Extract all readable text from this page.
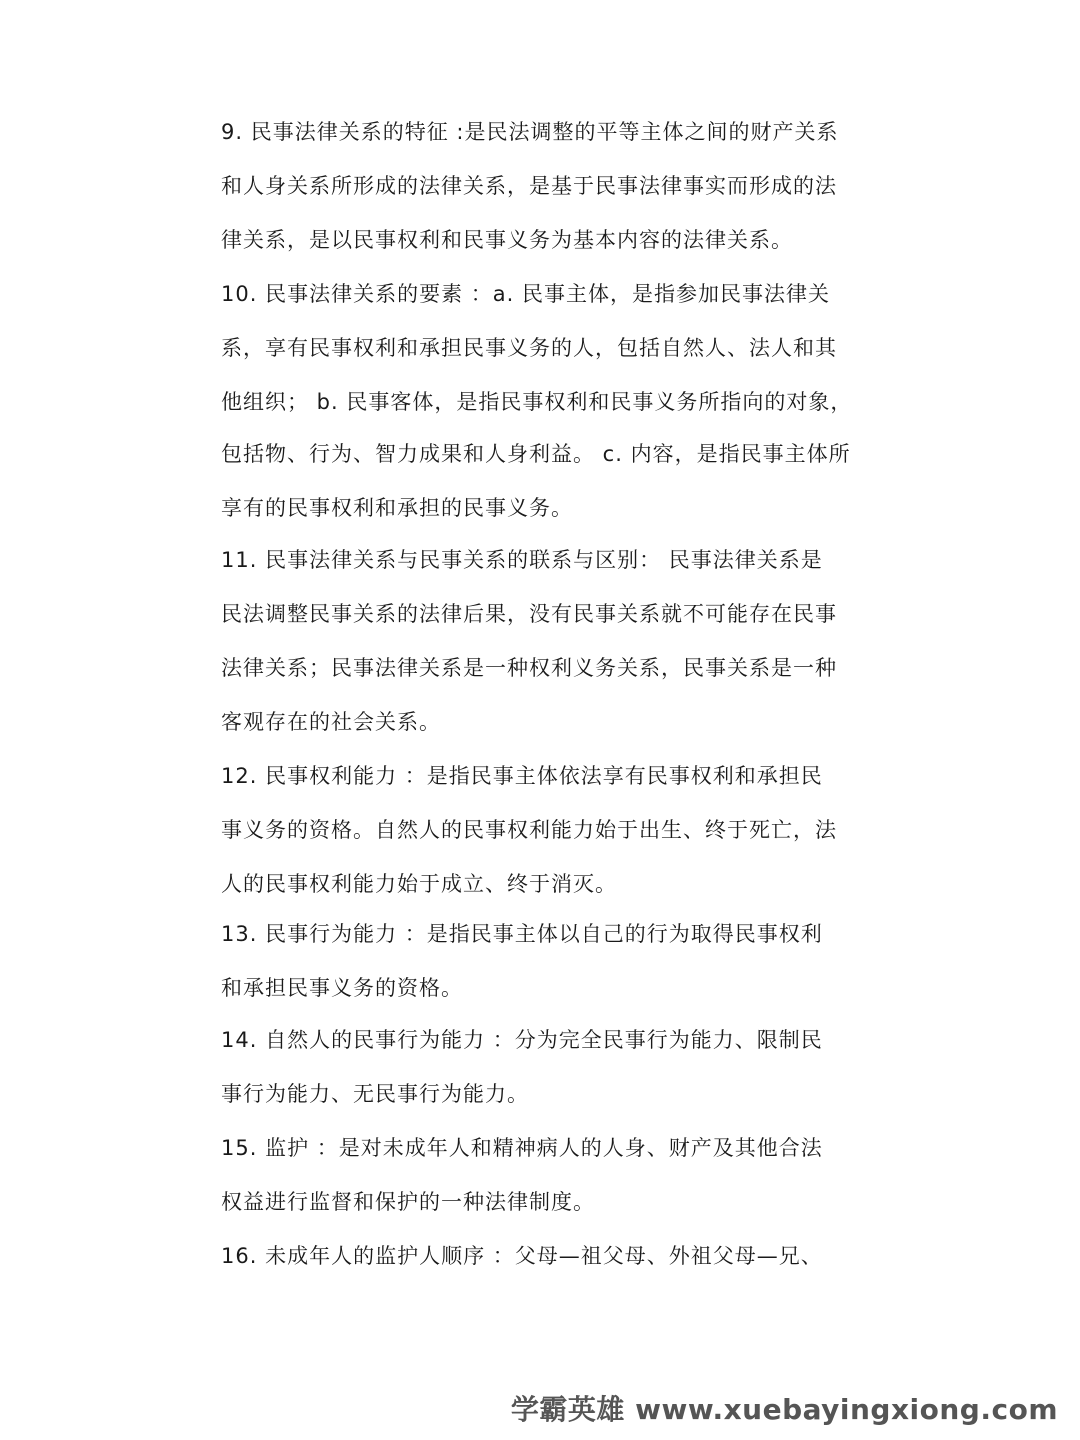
9. 民事法律关系的特征 :是民法调整的平等主体之间的财产关系
和人身关系所形成的法律关系，是基于民事法律事实而形成的法
律关系，是以民事权利和民事义务为基本内容的法律关系。
10. 民事法律关系的要素 ：a. 民事主体，是指参加民事法律关
系，享有民事权利和承担民事义务的人，包括自然人、法人和其
他组织； b. 民事客体，是指民事权利和民事义务所指向的对象，
包括物、行为、智力成果和人身利益。 c. 内容，是指民事主体所
享有的民事权利和承担的民事义务。
11. 民事法律关系与民事关系的联系与区别： 民事法律关系是
民法调整民事关系的法律后果，没有民事关系就不可能存在民事
法律关系；民事法律关系是一种权利义务关系，民事关系是一种
客观存在的社会关系。
12. 民事权利能力 ：是指民事主体依法享有民事权利和承担民
事义务的资格。自然人的民事权利能力始于出生、终于死亡，法
人的民事权利能力始于成立、终于消灭。
13. 民事行为能力 ：是指民事主体以自己的行为取得民事权利
和承担民事义务的资格。
14. 自然人的民事行为能力 ：分为完全民事行为能力、限制民
事行为能力、无民事行为能力。
15. 监护 ：是对未成年人和精神病人的人身、财产及其他合法
权益进行监督和保护的一种法律制度。
16. 未成年人的监护人顺序 ：父母—祖父母、外祖父母—兄、
学霸英雄 www.xuebayingxiong.com
